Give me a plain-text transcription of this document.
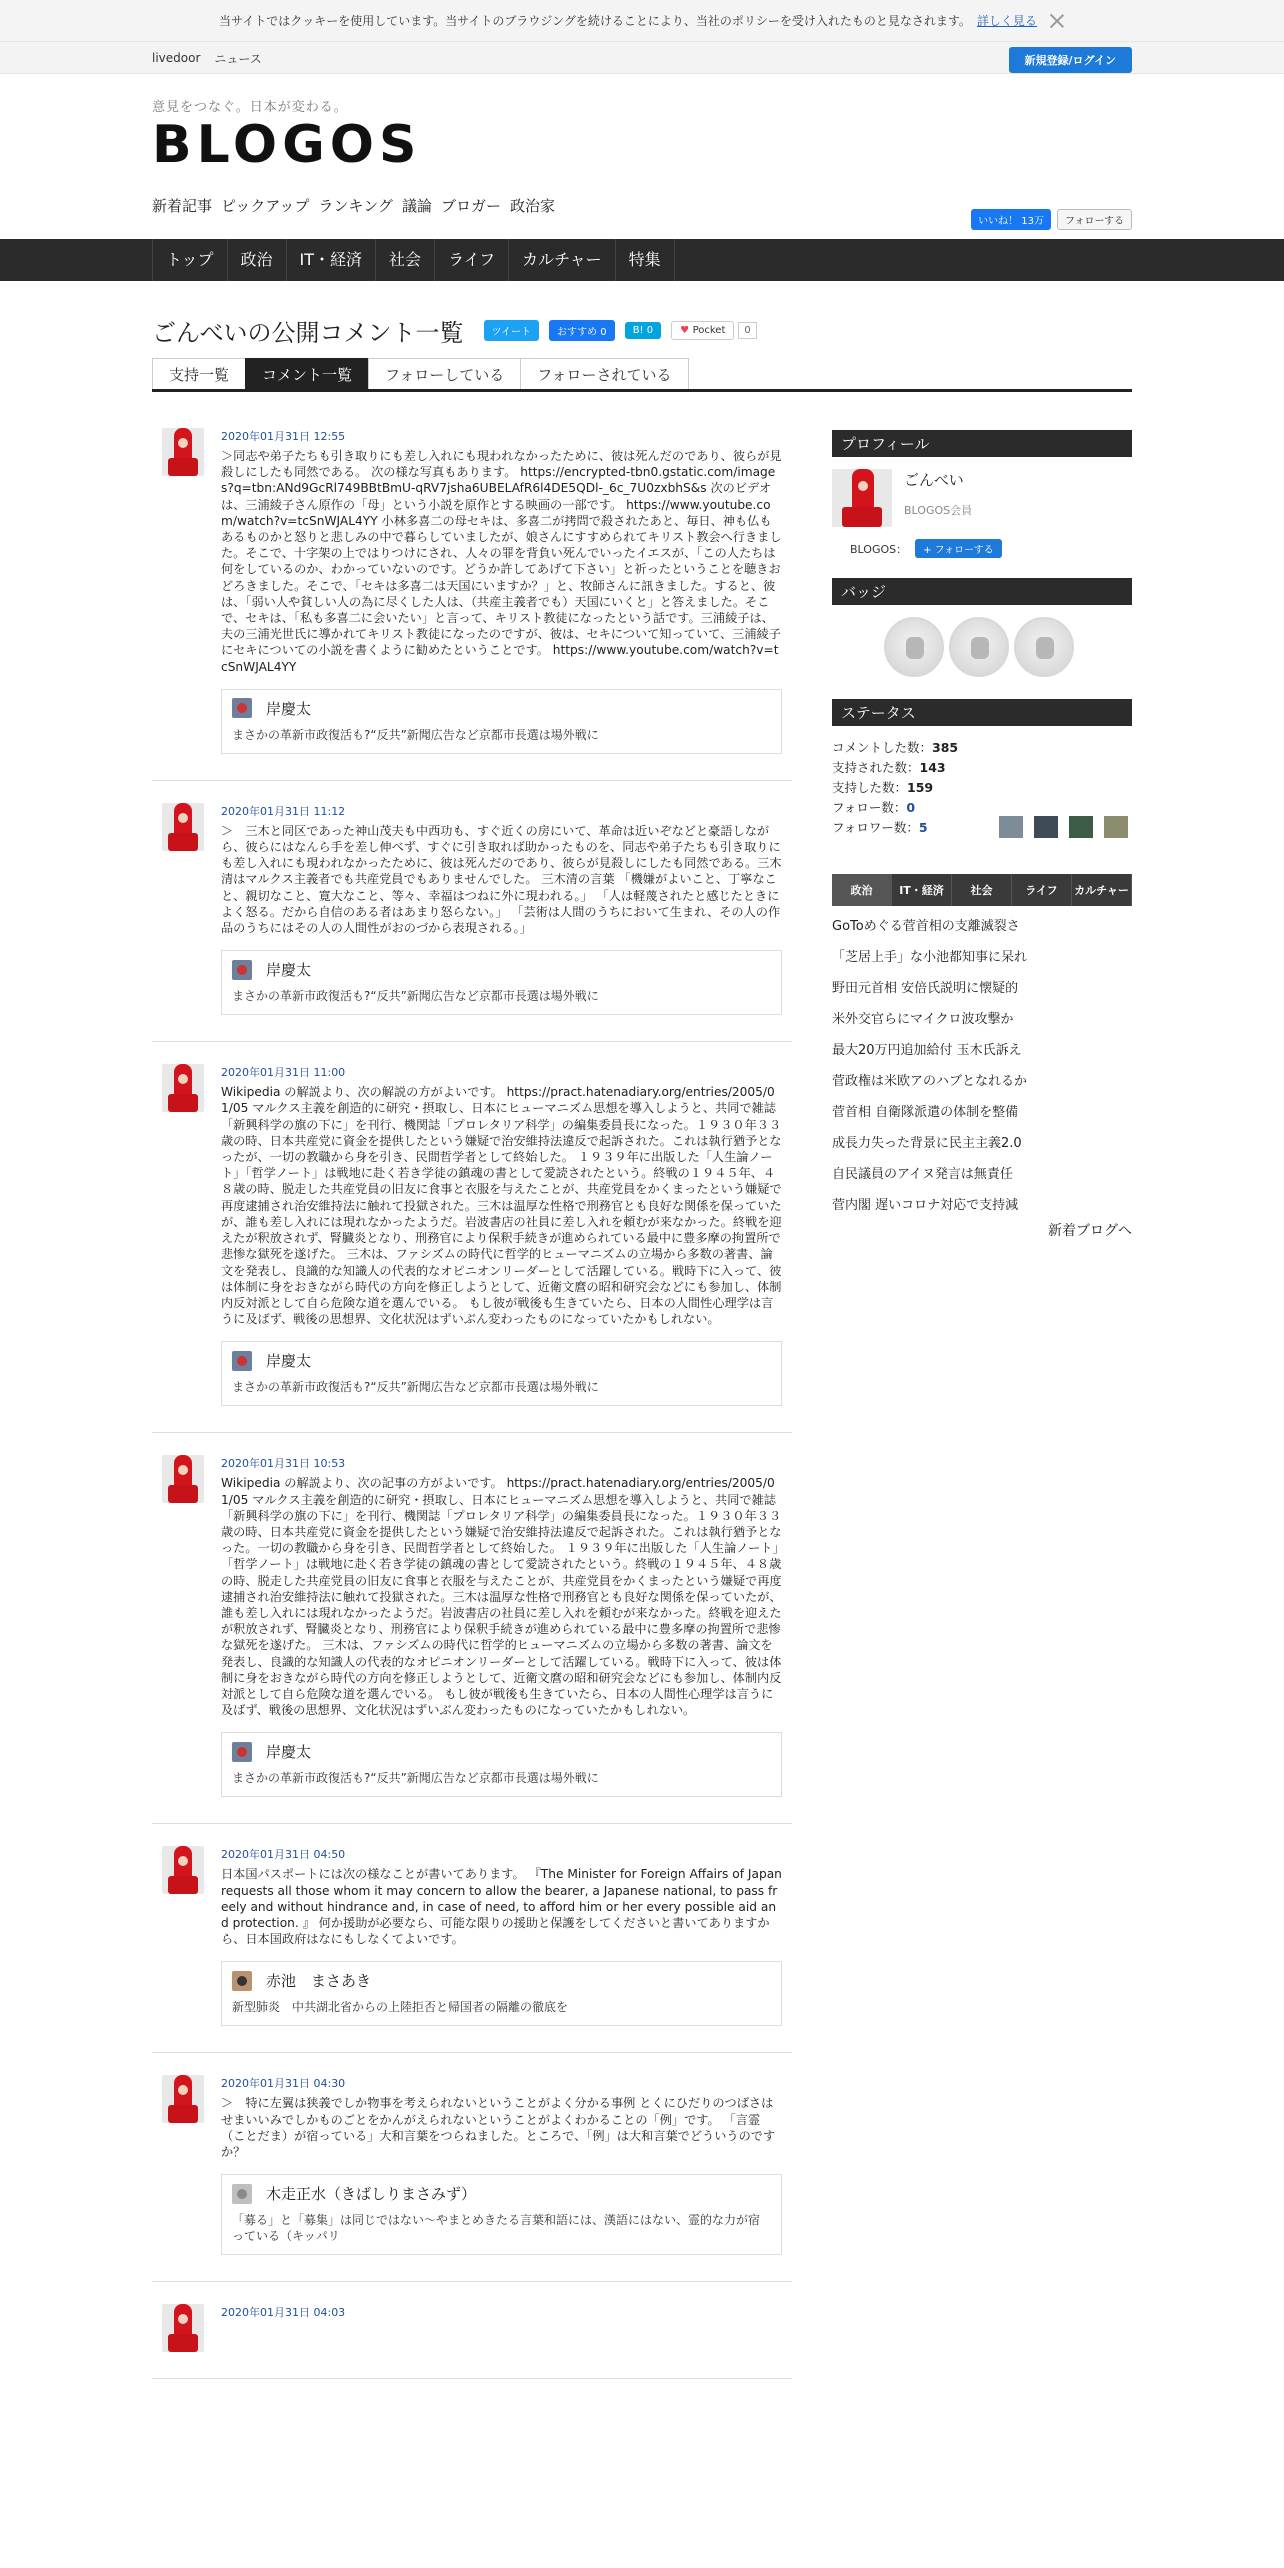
当サイトではクッキーを使用しています。当サイトのブラウジングを続けることにより、当社のポリシーを受け入れたものと見なされます。 詳しく見る
livedoor ニュース	新規登録/ログイン
意見をつなぐ。日本が変わる。
BLOGOS
新着記事 ピックアップ ランキング 議論 ブロガー 政治家
いいね！ 13万	フォローする
トップ	政治	IT・経済	社会	ライフ	カルチャー	特集
ごんべいの公開コメント一覧	ツイート	おすすめ 0	B! 0	♥ Pocket	0
支持一覧	コメント一覧	フォローしている	フォローされている
2020年01月31日 12:55
＞同志や弟子たちも引き取りにも差し入れにも現われなかったために、彼は死んだのであり、彼らが見殺しにしたも同然である。 次の様な写真もあります。 https://encrypted-tbn0.gstatic.com/images?q=tbn:ANd9GcRl749BBtBmU-qRV7jsha6UBELAfR6l4DE5QDl-_6c_7U0zxbhS&s 次のビデオは、三浦綾子さん原作の「母」という小説を原作とする映画の一部です。 https://www.youtube.com/watch?v=tcSnWJAL4YY 小林多喜二の母セキは、多喜二が拷問で殺されたあと、毎日、神も仏もあるものかと怒りと悲しみの中で暮らしていましたが、娘さんにすすめられてキリスト教会へ行きました。そこで、十字架の上ではりつけにされ、人々の罪を背負い死んでいったイエスが、「この人たちは何をしているのか、わかっていないのです。どうか許してあげて下さい」と祈ったということを聴きおどろきました。そこで、「セキは多喜二は天国にいますか？」と、牧師さんに訊きました。すると、彼は、「弱い人や貧しい人の為に尽くした人は、（共産主義者でも）天国にいくと」と答えました。そこで、セキは、「私も多喜二に会いたい」と言って、キリスト教徒になったという話です。三浦綾子は、夫の三浦光世氏に導かれてキリスト教徒になったのですが、彼は、セキについて知っていて、三浦綾子にセキについての小説を書くように勧めたということです。 https://www.youtube.com/watch?v=tcSnWJAL4YY
岸慶太
まさかの革新市政復活も?“反共”新聞広告など京都市長選は場外戦に
2020年01月31日 11:12
＞　三木と同区であった神山茂夫も中西功も、すぐ近くの房にいて、革命は近いぞなどと豪語しながら、彼らにはなんら手を差し伸べず、すぐに引き取れば助かったものを、同志や弟子たちも引き取りにも差し入れにも現われなかったために、彼は死んだのであり、彼らが見殺しにしたも同然である。三木清はマルクス主義者でも共産党員でもありませんでした。 三木清の言葉 「機嫌がよいこと、丁寧なこと、親切なこと、寛大なこと、等々、幸福はつねに外に現われる。」 「人は軽蔑されたと感じたときによく怒る。だから自信のある者はあまり怒らない。」 「芸術は人間のうちにおいて生まれ、その人の作品のうちにはその人の人間性がおのづから表現される。」
岸慶太
まさかの革新市政復活も?“反共”新聞広告など京都市長選は場外戦に
2020年01月31日 11:00
Wikipedia の解説より、次の解説の方がよいです。 https://pract.hatenadiary.org/entries/2005/01/05 マルクス主義を創造的に研究・摂取し、日本にヒューマニズム思想を導入しようと、共同で雑誌「新興科学の旗の下に」を刊行、機関誌「プロレタリア科学」の編集委員長になった。１９３０年３３歳の時、日本共産党に資金を提供したという嫌疑で治安維持法違反で起訴された。これは執行猶予となったが、一切の教職から身を引き、民間哲学者として終始した。 １９３９年に出版した「人生論ノート」「哲学ノート」は戦地に赴く若き学徒の鎮魂の書として愛読されたという。終戦の１９４５年、４８歳の時、脱走した共産党員の旧友に食事と衣服を与えたことが、共産党員をかくまったという嫌疑で再度逮捕され治安維持法に触れて投獄された。三木は温厚な性格で刑務官とも良好な関係を保っていたが、誰も差し入れには現れなかったようだ。岩波書店の社員に差し入れを頼むが来なかった。終戦を迎えたが釈放されず、腎臓炎となり、刑務官により保釈手続きが進められている最中に豊多摩の拘置所で悲惨な獄死を遂げた。 三木は、ファシズムの時代に哲学的ヒューマニズムの立場から多数の著書、論文を発表し、良識的な知識人の代表的なオピニオンリーダーとして活躍している。戦時下に入って、彼は体制に身をおきながら時代の方向を修正しようとして、近衛文麿の昭和研究会などにも参加し、体制内反対派として自ら危険な道を選んでいる。 もし彼が戦後も生きていたら、日本の人間性心理学は言うに及ばず、戦後の思想界、文化状況はずいぶん変わったものになっていたかもしれない。
岸慶太
まさかの革新市政復活も?“反共”新聞広告など京都市長選は場外戦に
2020年01月31日 10:53
Wikipedia の解説より、次の記事の方がよいです。 https://pract.hatenadiary.org/entries/2005/01/05 マルクス主義を創造的に研究・摂取し、日本にヒューマニズム思想を導入しようと、共同で雑誌「新興科学の旗の下に」を刊行、機関誌「プロレタリア科学」の編集委員長になった。１９３０年３３歳の時、日本共産党に資金を提供したという嫌疑で治安維持法違反で起訴された。これは執行猶予となった。一切の教職から身を引き、民間哲学者として終始した。 １９３９年に出版した「人生論ノート」「哲学ノート」は戦地に赴く若き学徒の鎮魂の書として愛読されたという。終戦の１９４５年、４８歳の時、脱走した共産党員の旧友に食事と衣服を与えたことが、共産党員をかくまったという嫌疑で再度逮捕され治安維持法に触れて投獄された。三木は温厚な性格で刑務官とも良好な関係を保っていたが、誰も差し入れには現れなかったようだ。岩波書店の社員に差し入れを頼むが来なかった。終戦を迎えたが釈放されず、腎臓炎となり、刑務官により保釈手続きが進められている最中に豊多摩の拘置所で悲惨な獄死を遂げた。 三木は、ファシズムの時代に哲学的ヒューマニズムの立場から多数の著書、論文を発表し、良識的な知識人の代表的なオピニオンリーダーとして活躍している。戦時下に入って、彼は体制に身をおきながら時代の方向を修正しようとして、近衛文麿の昭和研究会などにも参加し、体制内反対派として自ら危険な道を選んでいる。 もし彼が戦後も生きていたら、日本の人間性心理学は言うに及ばず、戦後の思想界、文化状況はずいぶん変わったものになっていたかもしれない。
岸慶太
まさかの革新市政復活も?“反共”新聞広告など京都市長選は場外戦に
2020年01月31日 04:50
日本国パスポートには次の様なことが書いてあります。 『The Minister for Foreign Affairs of Japan requests all those whom it may concern to allow the bearer, a Japanese national, to pass freely and without hindrance and, in case of need, to afford him or her every possible aid and protection. 』 何か援助が必要なら、可能な限りの援助と保護をしてくださいと書いてありますから、日本国政府はなにもしなくてよいです。
赤池　まさあき
新型肺炎　中共湖北省からの上陸拒否と帰国者の隔離の徹底を
2020年01月31日 04:30
＞　特に左翼は狭義でしか物事を考えられないということがよく分かる事例 とくにひだりのつばさはせまいいみでしかものごとをかんがえられないということがよくわかることの「例」です。 「言霊（ことだま）が宿っている」大和言葉をつらねました。ところで、「例」は大和言葉でどういうのですか？
木走正水（きばしりまさみず）
「募る」と「募集」は同じではない～やまとめきたる言葉和語には、漢語にはない、霊的な力が宿っている（キッパリ
2020年01月31日 04:03
プロフィール
ごんべい
BLOGOS会員
BLOGOS：	+ フォローする
バッジ
ステータス
コメントした数：385
支持された数：143
支持した数：159
フォロー数：0
フォロワー数：5
政治	IT・経済	社会	ライフ	カルチャー
GoToめぐる菅首相の支離滅裂さ
「芝居上手」な小池都知事に呆れ
野田元首相 安倍氏説明に懐疑的
米外交官らにマイクロ波攻撃か
最大20万円追加給付 玉木氏訴え
菅政権は米欧アのハブとなれるか
菅首相 自衛隊派遣の体制を整備
成長力失った背景に民主主義2.0
自民議員のアイヌ発言は無責任
菅内閣 遅いコロナ対応で支持減
新着ブログへ
